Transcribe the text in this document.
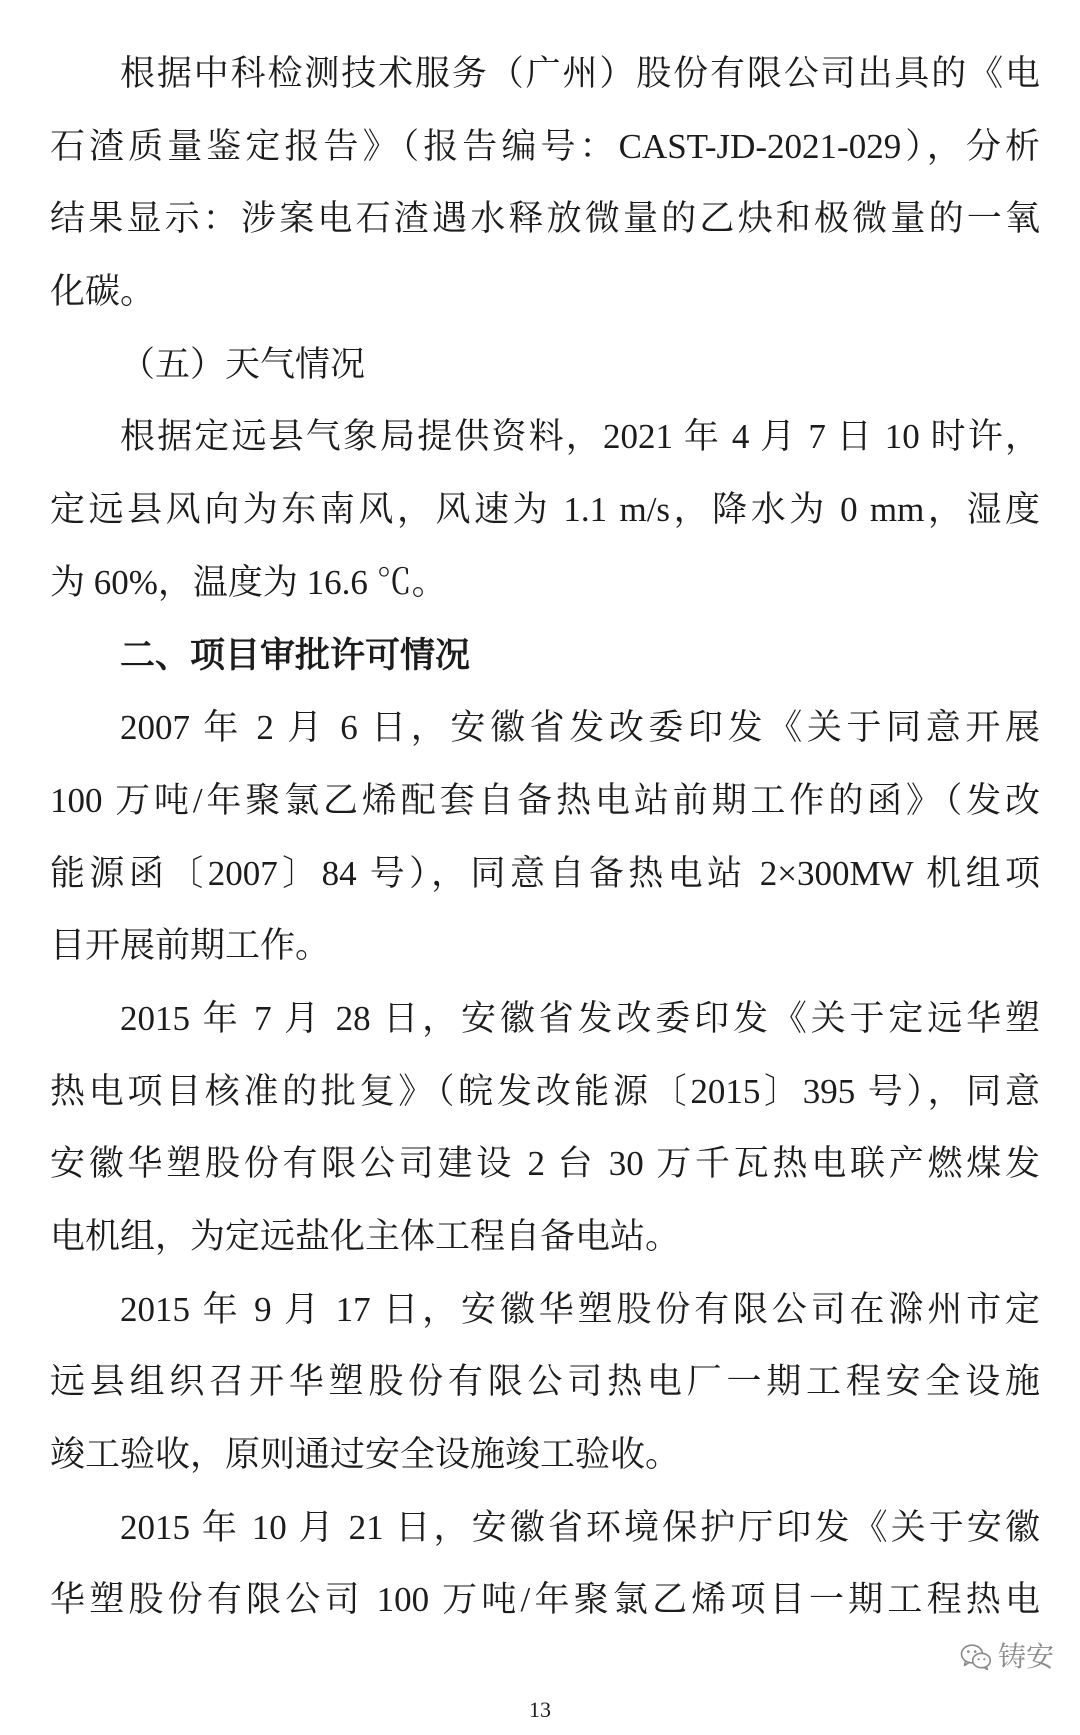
根据中科检测技术服务（广州）股份有限公司出具的《电
石渣质量鉴定报告》（报告编号：CAST-JD-2021-029），分析
结果显示：涉案电石渣遇水释放微量的乙炔和极微量的一氧
化碳。
（五）天气情况
根据定远县气象局提供资料，2021 年 4 月 7 日 10 时许，
定远县风向为东南风，风速为 1.1 m/s，降水为 0 mm，湿度
为 60%，温度为 16.6 ℃。
二、项目审批许可情况
2007 年 2 月 6 日，安徽省发改委印发《关于同意开展
100 万吨/年聚氯乙烯配套自备热电站前期工作的函》（发改
能源函〔2007〕84 号），同意自备热电站 2×300MW 机组项
目开展前期工作。
2015 年 7 月 28 日，安徽省发改委印发《关于定远华塑
热电项目核准的批复》（皖发改能源〔2015〕395 号），同意
安徽华塑股份有限公司建设 2 台 30 万千瓦热电联产燃煤发
电机组，为定远盐化主体工程自备电站。
2015 年 9 月 17 日，安徽华塑股份有限公司在滁州市定
远县组织召开华塑股份有限公司热电厂一期工程安全设施
竣工验收，原则通过安全设施竣工验收。
2015 年 10 月 21 日，安徽省环境保护厅印发《关于安徽
华塑股份有限公司 100 万吨/年聚氯乙烯项目一期工程热电
铸安
13
